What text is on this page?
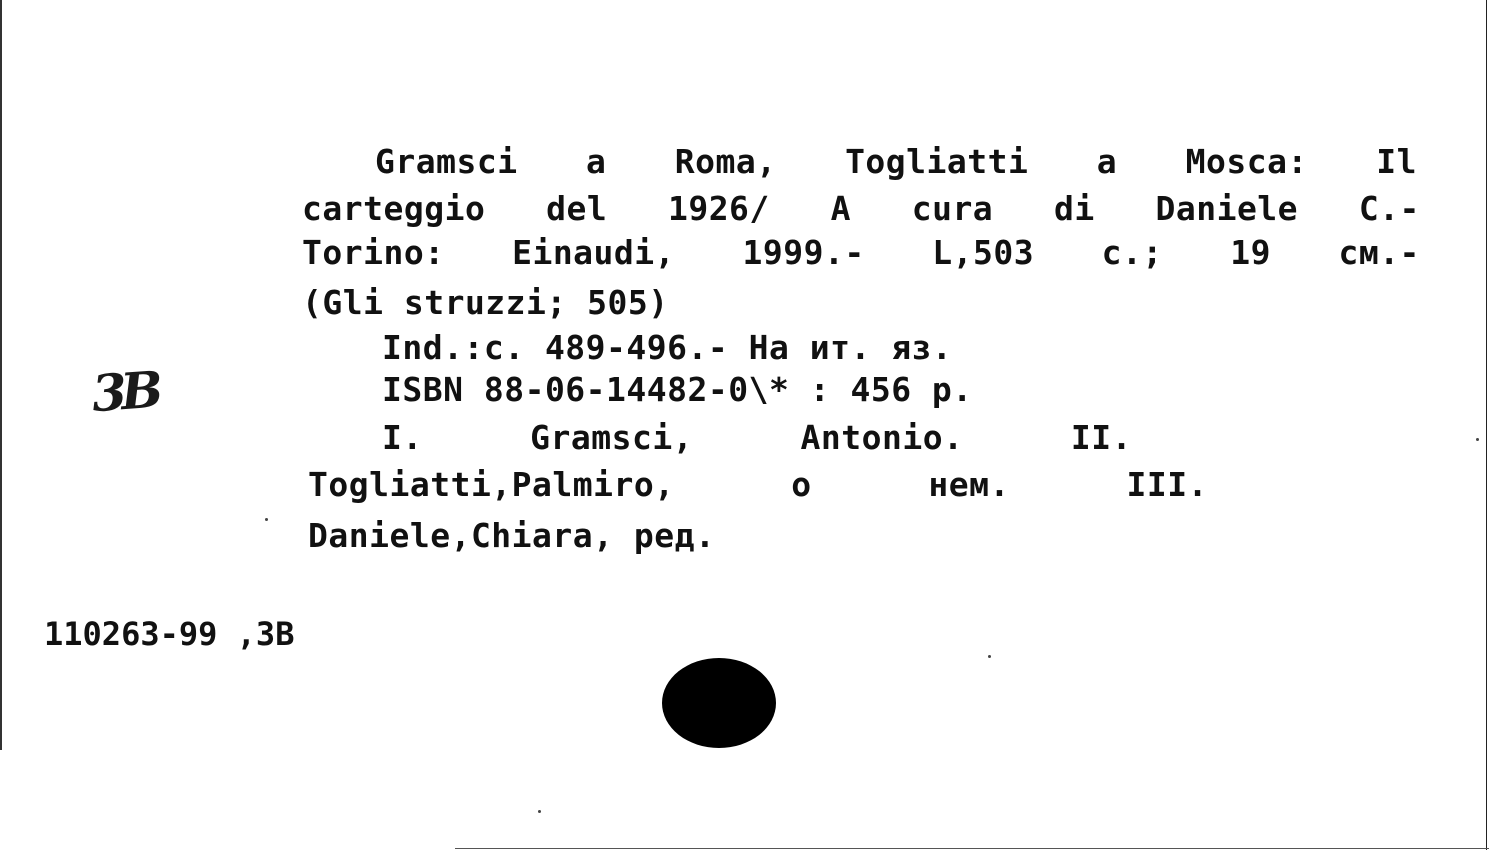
Gramsci a Roma, Togliatti a Mosca: Il
carteggio del 1926/ A cura di Daniele C.-
Torino: Einaudi, 1999.- L,503 c.; 19 см.-
(Gli struzzi; 505)
Ind.:c. 489-496.- На ит. яз.
3B	ISBN 88-06-14482-0\* : 456 р.
I.	Gramsci,	Antonio.	II.
Togliatti,Palmiro,	о	нем.	III.
Daniele,Chiara, ред.
110263-99 ,3B
